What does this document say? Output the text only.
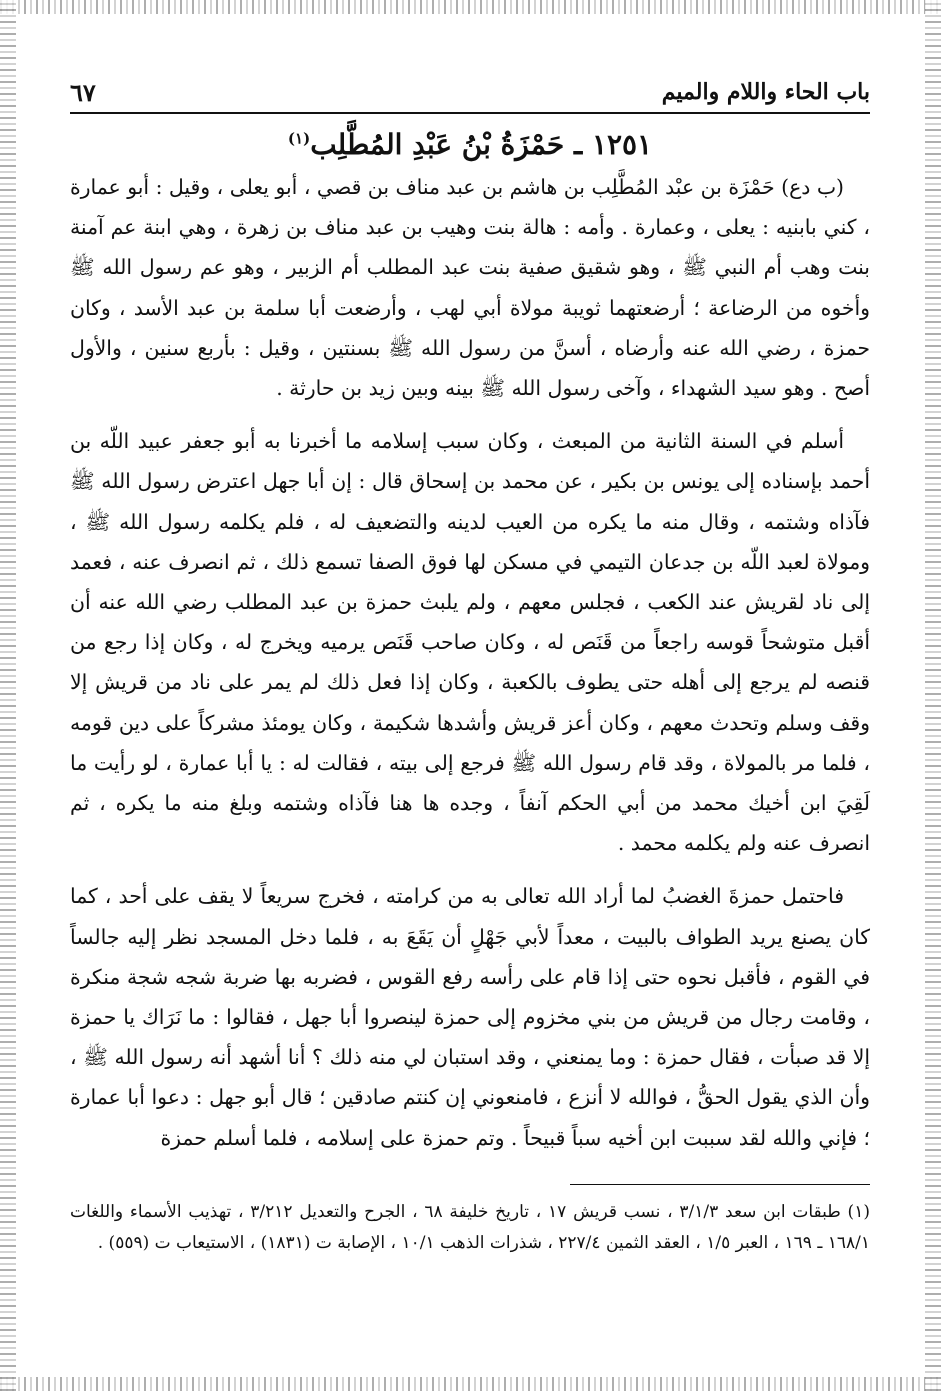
باب الحاء واللام والميم
٦٧
١٢٥١ ـ حَمْزَةُ بْنُ عَبْدِ المُطَّلِب$^{(١)}$

(ب دع) حَمْزَة بن عبْد المُطَّلِب بن هاشم بن عبد مناف بن قصي ، أبو يعلى ، وقيل : أبو عمارة ، كني بابنيه : يعلى ، وعمارة . وأمه : هالة بنت وهيب بن عبد مناف بن زهرة ، وهي ابنة عم آمنة بنت وهب أم النبي ﷺ ، وهو شقيق صفية بنت عبد المطلب أم الزبير ، وهو عم رسول الله ﷺ وأخوه من الرضاعة ؛ أرضعتهما ثويبة مولاة أبي لهب ، وأرضعت أبا سلمة بن عبد الأسد ، وكان حمزة ، رضي الله عنه وأرضاه ، أسنَّ من رسول الله ﷺ بسنتين ، وقيل : بأربع سنين ، والأول أصح . وهو سيد الشهداء ، وآخى رسول الله ﷺ بينه وبين زيد بن حارثة .

أسلم في السنة الثانية من المبعث ، وكان سبب إسلامه ما أخبرنا به أبو جعفر عبيد اللّه بن أحمد بإسناده إلى يونس بن بكير ، عن محمد بن إسحاق قال : إن أبا جهل اعترض رسول الله ﷺ فآذاه وشتمه ، وقال منه ما يكره من العيب لدينه والتضعيف له ، فلم يكلمه رسول الله ﷺ ، ومولاة لعبد اللّه بن جدعان التيمي في مسكن لها فوق الصفا تسمع ذلك ، ثم انصرف عنه ، فعمد إلى ناد لقريش عند الكعب ، فجلس معهم ، ولم يلبث حمزة بن عبد المطلب رضي الله عنه أن أقبل متوشحاً قوسه راجعاً من قَنَص له ، وكان صاحب قَنَص يرميه ويخرج له ، وكان إذا رجع من قنصه لم يرجع إلى أهله حتى يطوف بالكعبة ، وكان إذا فعل ذلك لم يمر على ناد من قريش إلا وقف وسلم وتحدث معهم ، وكان أعز قريش وأشدها شكيمة ، وكان يومئذ مشركاً على دين قومه ، فلما مر بالمولاة ، وقد قام رسول الله ﷺ فرجع إلى بيته ، فقالت له : يا أبا عمارة ، لو رأيت ما لَقِيَ ابن أخيك محمد من أبي الحكم آنفاً ، وجده ها هنا فآذاه وشتمه وبلغ منه ما يكره ، ثم انصرف عنه ولم يكلمه محمد .

فاحتمل حمزةَ الغضبُ لما أراد الله تعالى به من كرامته ، فخرج سريعاً لا يقف على أحد ، كما كان يصنع يريد الطواف بالبيت ، معداً لأبي جَهْلٍ أن يَقَعَ به ، فلما دخل المسجد نظر إليه جالساً في القوم ، فأقبل نحوه حتى إذا قام على رأسه رفع القوس ، فضربه بها ضربة شجه شجة منكرة ، وقامت رجال من قريش من بني مخزوم إلى حمزة لينصروا أبا جهل ، فقالوا : ما نَرَاك يا حمزة إلا قد صبأت ، فقال حمزة : وما يمنعني ، وقد استبان لي منه ذلك ؟ أنا أشهد أنه رسول الله ﷺ ، وأن الذي يقول الحقُّ ، فوالله لا أنزع ، فامنعوني إن كنتم صادقين ؛ قال أبو جهل : دعوا أبا عمارة ؛ فإني والله لقد سببت ابن أخيه سباً قبيحاً . وتم حمزة على إسلامه ، فلما أسلم حمزة

(١) طبقات ابن سعد ٣/١/٣ ، نسب قريش ١٧ ، تاريخ خليفة ٦٨ ، الجرح والتعديل ٣/٢١٢ ، تهذيب الأسماء واللغات ١٦٨/١ ـ ١٦٩ ، العبر ١/٥ ، العقد الثمين ٢٢٧/٤ ، شذرات الذهب ١٠/١ ، الإصابة ت (١٨٣١) ، الاستيعاب ت (٥٥٩) .
